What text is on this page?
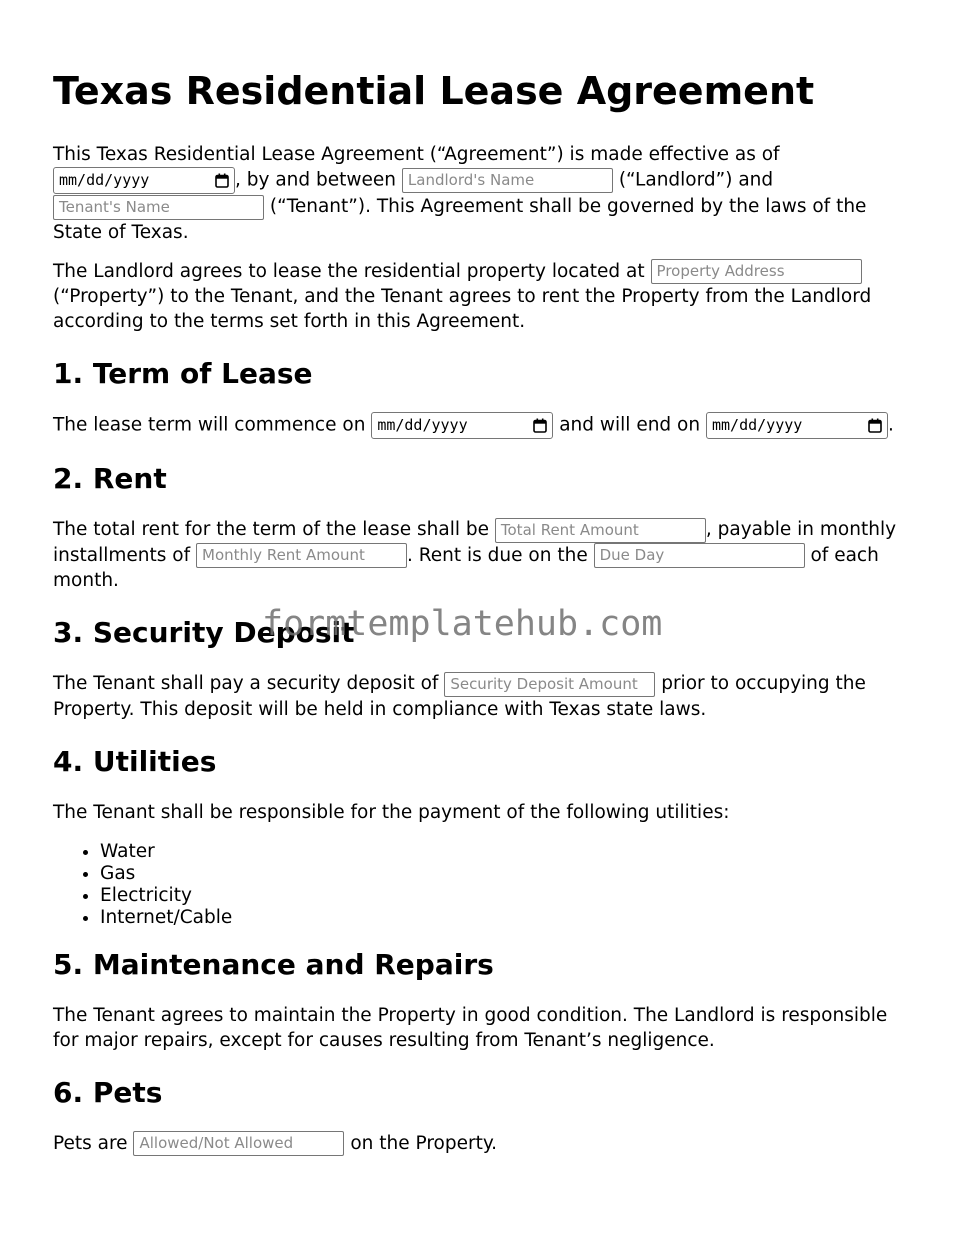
Texas Residential Lease Agreement

This Texas Residential Lease Agreement (“Agreement”) is made effective as of

mm/dd/yyyy	, by and between Landlord's Name	(“Landlord”) and
Tenant's Name	(“Tenant”). This Agreement shall be governed by the laws of the State of Texas.

The Landlord agrees to lease the residential property located at Property Address (“Property”) to the Tenant, and the Tenant agrees to rent the Property from the Landlord according to the terms set forth in this Agreement.

1. Term of Lease

The lease term will commence on mm/dd/yyyy	and will end on mm/dd/yyyy	.

2. Rent

The total rent for the term of the lease shall be Total Rent Amount	, payable in monthly installments of Monthly Rent Amount . Rent is due on the Due Day	of each month.

3. Security Deposit

The Tenant shall pay a security deposit of Security Deposit Amount prior to occupying the Property. This deposit will be held in compliance with Texas state laws.

4. Utilities

The Tenant shall be responsible for the payment of the following utilities:

• Water
• Gas
• Electricity
• Internet/Cable
5. Maintenance and Repairs

The Tenant agrees to maintain the Property in good condition. The Landlord is responsible for major repairs, except for causes resulting from Tenant’s negligence.

6. Pets

Pets are Allowed/Not Allowed	on the Property.

formtemplatehub.com
